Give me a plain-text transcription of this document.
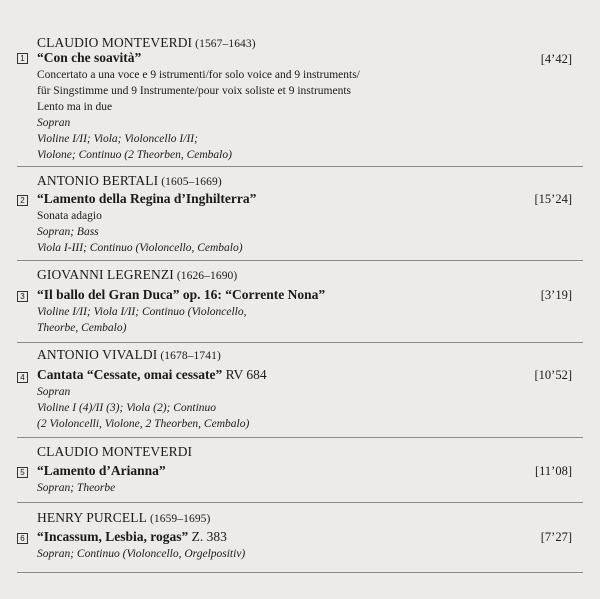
CLAUDIO MONTEVERDI (1567–1643)
1 “Con che soavità”	[4’42]
Concertato a una voce e 9 istrumenti/for solo voice and 9 instruments/
für Singstimme und 9 Instrumente/pour voix soliste et 9 instruments
Lento ma in due
Sopran
Violine I/II; Viola; Violoncello I/II;
Violone; Continuo (2 Theorben, Cembalo)
ANTONIO BERTALI (1605–1669)
2 “Lamento della Regina d’Inghilterra”	[15’24]
Sonata adagio
Sopran; Bass
Viola I-III; Continuo (Violoncello, Cembalo)
GIOVANNI LEGRENZI (1626–1690)
3 “Il ballo del Gran Duca” op. 16: “Corrente Nona”	[3’19]
Violine I/II; Viola I/II; Continuo (Violoncello,
Theorbe, Cembalo)
ANTONIO VIVALDI (1678–1741)
4 Cantata “Cessate, omai cessate” RV 684	[10’52]
Sopran
Violine I (4)/II (3); Viola (2); Continuo
(2 Violoncelli, Violone, 2 Theorben, Cembalo)
CLAUDIO MONTEVERDI
5 “Lamento d’Arianna”	[11’08]
Sopran; Theorbe
HENRY PURCELL (1659–1695)
6 “Incassum, Lesbia, rogas” Z. 383	[7’27]
Sopran; Continuo (Violoncello, Orgelpositiv)
